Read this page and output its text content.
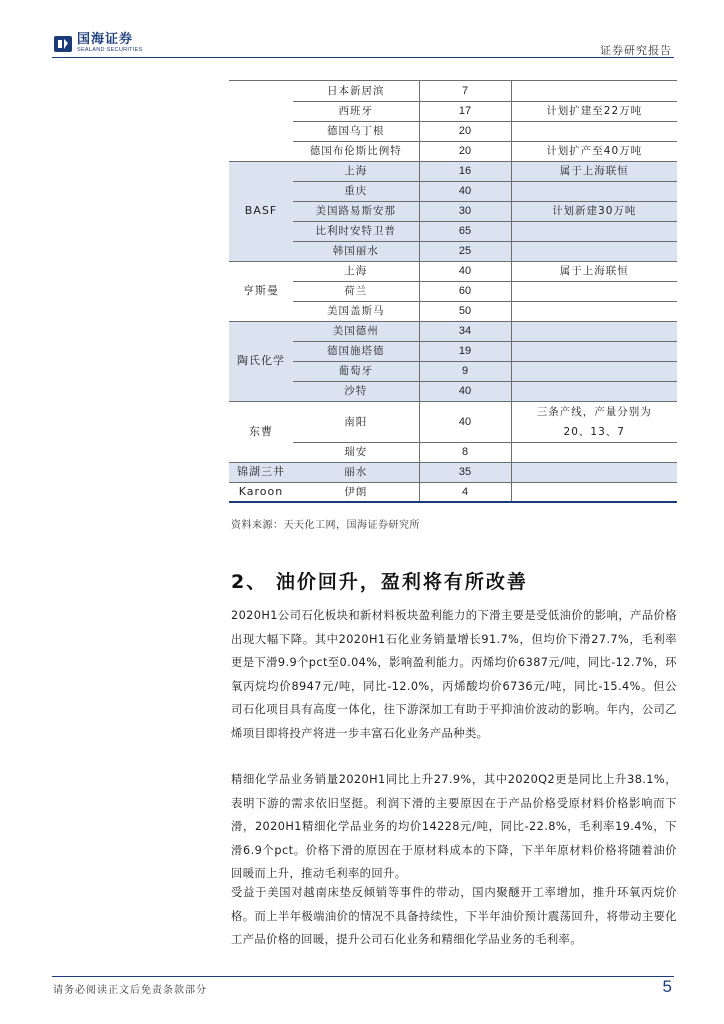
国海证券
SEALAND SECURITIES	证券研究报告
	日本新居滨	7	
	西班牙	17	计划扩建至22万吨
	德国乌丁根	20	
	德国布伦斯比例特	20	计划扩产至40万吨
BASF	上海	16	属于上海联恒
	重庆	40	
	美国路易斯安那	30	计划新建30万吨
	比利时安特卫普	65	
	韩国丽水	25	
亨斯曼	上海	40	属于上海联恒
	荷兰	60	
	美国盖斯马	50	
陶氏化学	美国德州	34	
	德国施塔德	19	
	葡萄牙	9	
	沙特	40	
东曹	南阳	40	三条产线，产量分别为
20、13、7

	瑞安	8	
锦湖三井	丽水	35	
Karoon	伊朗	4	
资料来源：天天化工网，国海证券研究所
2、 油价回升，盈利将有所改善
2020H1公司石化板块和新材料板块盈利能力的下滑主要是受低油价的影响，产品价格出现大幅下降。其中2020H1石化业务销量增长91.7%，但均价下滑27.7%，毛利率更是下滑9.9个pct至0.04%，影响盈利能力。丙烯均价6387元/吨，同比-12.7%，环氧丙烷均价8947元/吨，同比-12.0%，丙烯酸均价6736元/吨，同比-15.4%。但公司石化项目具有高度一体化，往下游深加工有助于平抑油价波动的影响。年内，公司乙烯项目即将投产将进一步丰富石化业务产品种类。
精细化学品业务销量2020H1同比上升27.9%，其中2020Q2更是同比上升38.1%，表明下游的需求依旧坚挺。利润下滑的主要原因在于产品价格受原材料价格影响而下滑，2020H1精细化学品业务的均价14228元/吨，同比-22.8%，毛利率19.4%，下滑6.9个pct。价格下滑的原因在于原材料成本的下降，下半年原材料价格将随着油价回暖而上升，推动毛利率的回升。
受益于美国对越南床垫反倾销等事件的带动，国内聚醚开工率增加，推升环氧丙烷价格。而上半年极端油价的情况不具备持续性，下半年油价预计震荡回升，将带动主要化工产品价格的回暖，提升公司石化业务和精细化学品业务的毛利率。
请务必阅读正文后免责条款部分	5
